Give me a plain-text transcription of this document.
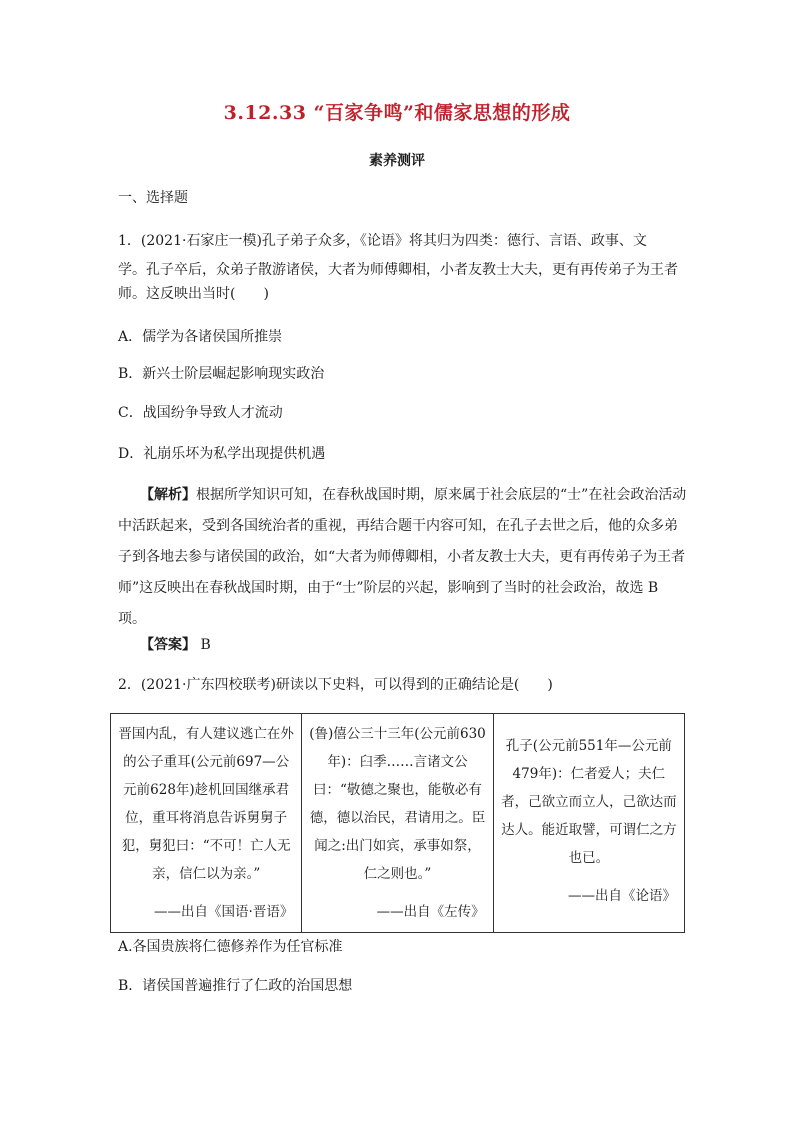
3.12.33 “百家争鸣”和儒家思想的形成
素养测评
一、选择题
1．(2021·石家庄一模)孔子弟子众多，《论语》将其归为四类：德行、言语、政事、文
学。孔子卒后，众弟子散游诸侯，大者为师傅卿相，小者友教士大夫，更有再传弟子为王者
师。这反映出当时(　　)
A．儒学为各诸侯国所推崇
B．新兴士阶层崛起影响现实政治
C．战国纷争导致人才流动
D．礼崩乐坏为私学出现提供机遇
【解析】根据所学知识可知，在春秋战国时期，原来属于社会底层的“士”在社会政治活动中活跃起来，受到各国统治者的重视，再结合题干内容可知，在孔子去世之后，他的众多弟子到各地去参与诸侯国的政治，如“大者为师傅卿相，小者友教士大夫，更有再传弟子为王者师”这反映出在春秋战国时期，由于“士”阶层的兴起，影响到了当时的社会政治，故选 B 项。
【答案】 B
2．(2021·广东四校联考)研读以下史料，可以得到的正确结论是(　　)
晋国内乱，有人建议逃亡在外的公子重耳(公元前697—公元前628年)趁机回国继承君位，重耳将消息告诉舅舅子犯，舅犯曰：“不可！亡人无亲，信仁以为亲。”
——出自《国语·晋语》
	(鲁)僖公三十三年(公元前630年)：臼季……言诸文公曰：“敬德之聚也，能敬必有德，德以治民，君请用之。臣闻之:出门如宾，承事如祭，仁之则也。”
——出自《左传》
	孔子(公元前551年—公元前479年)：仁者爱人；夫仁者，己欲立而立人，己欲达而达人。能近取譬，可谓仁之方也已。
——出自《论语》
A.各国贵族将仁德修养作为任官标准
B．诸侯国普遍推行了仁政的治国思想
